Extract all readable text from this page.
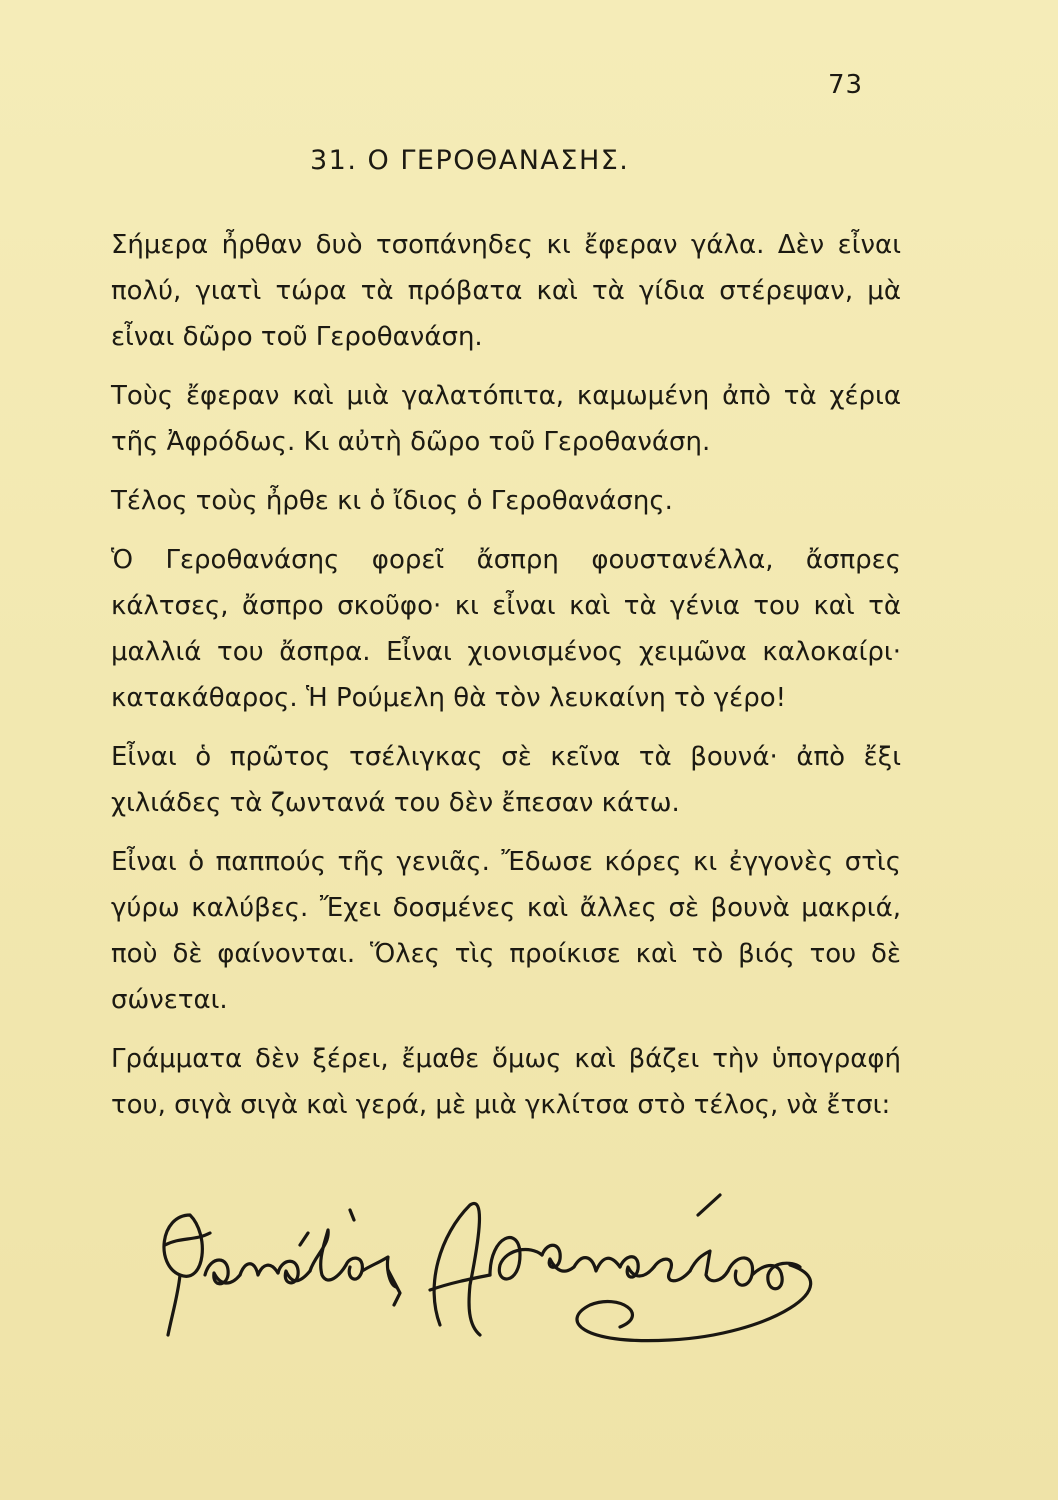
73
31. Ο ΓΕΡΟΘΑΝΑΣΗΣ.

Σήμερα ἦρθαν δυὸ τσοπάνηδες κι ἔφεραν γάλα. Δὲν εἶναι πολύ, γιατὶ τώρα τὰ πρόβατα καὶ τὰ γίδια στέρεψαν, μὰ εἶναι δῶρο τοῦ Γεροθανάση.

Τοὺς ἔφεραν καὶ μιὰ γαλατόπιτα, καμωμένη ἀπὸ τὰ χέρια τῆς Ἀφρόδως. Κι αὐτὴ δῶρο τοῦ Γεροθανάση.

Τέλος τοὺς ἦρθε κι ὁ ἴδιος ὁ Γεροθανάσης.

Ὁ Γεροθανάσης φορεῖ ἄσπρη φουστανέλλα, ἄσπρες κάλτσες, ἄσπρο σκοῦφο· κι εἶναι καὶ τὰ γένια του καὶ τὰ μαλλιά του ἄσπρα. Εἶναι χιονισμένος χειμῶνα καλοκαίρι· κατακάθαρος. Ἡ Ρούμελη θὰ τὸν λευκαίνη τὸ γέρο!

Εἶναι ὁ πρῶτος τσέλιγκας σὲ κεῖνα τὰ βουνά· ἀπὸ ἔξι χιλιάδες τὰ ζωντανά του δὲν ἔπεσαν κάτω.

Εἶναι ὁ παππούς τῆς γενιᾶς. Ἔδωσε κόρες κι ἐγγονὲς στὶς γύρω καλύβες. Ἔχει δοσμένες καὶ ἄλλες σὲ βουνὰ μακριά, ποὺ δὲ φαίνονται. Ὅλες τὶς προίκισε καὶ τὸ βιός του δὲ σώνεται.

Γράμματα δὲν ξέρει, ἔμαθε ὅμως καὶ βάζει τὴν ὑπογραφή του, σιγὰ σιγὰ καὶ γερά, μὲ μιὰ γκλίτσα στὸ τέλος, νὰ ἔτσι:
